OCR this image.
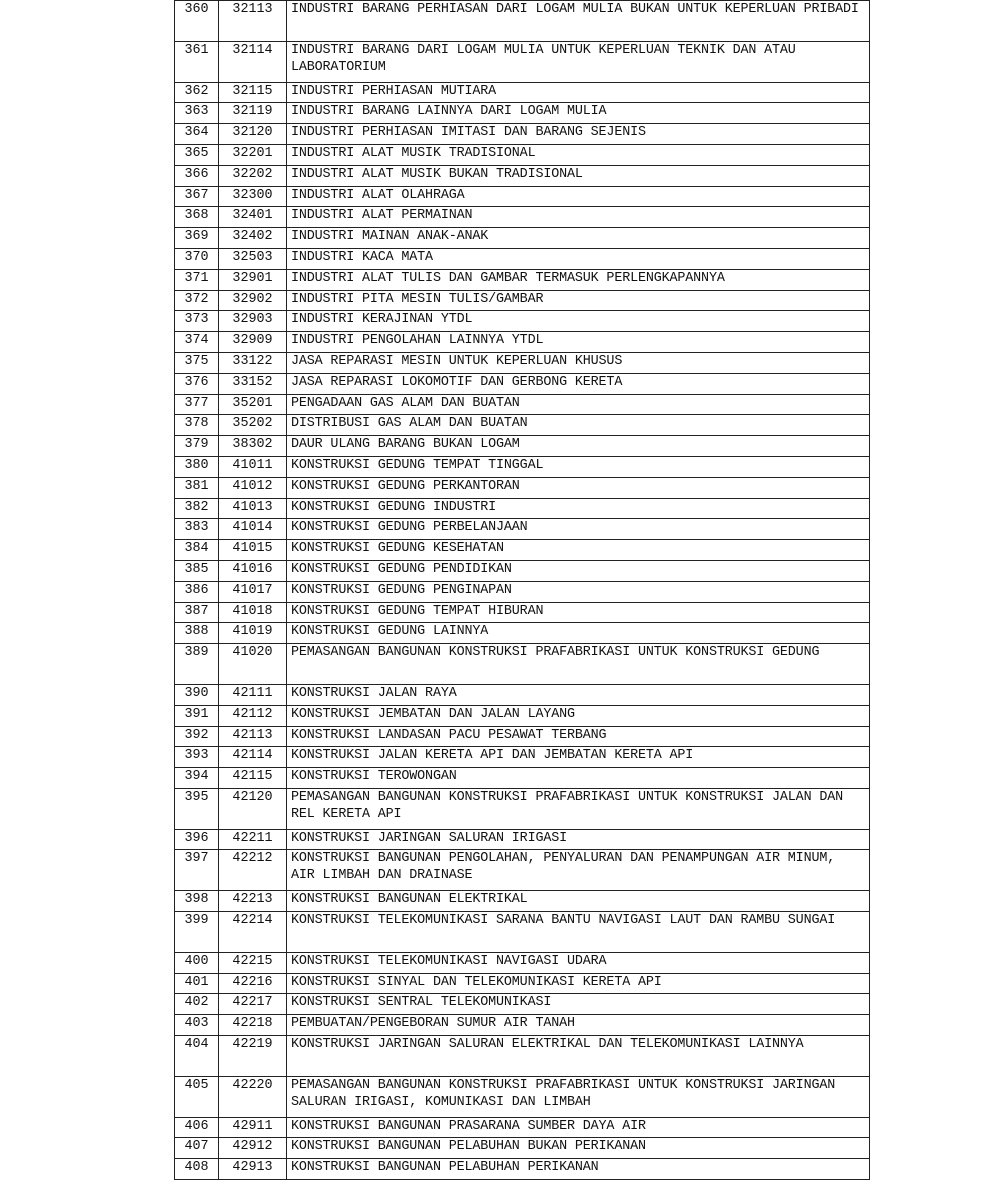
360	32113	INDUSTRI BARANG PERHIASAN DARI LOGAM MULIA BUKAN UNTUK KEPERLUAN PRIBADI
361	32114	INDUSTRI BARANG DARI LOGAM MULIA UNTUK KEPERLUAN TEKNIK DAN ATAU LABORATORIUM
362	32115	INDUSTRI PERHIASAN MUTIARA
363	32119	INDUSTRI BARANG LAINNYA DARI LOGAM MULIA
364	32120	INDUSTRI PERHIASAN IMITASI DAN BARANG SEJENIS
365	32201	INDUSTRI ALAT MUSIK TRADISIONAL
366	32202	INDUSTRI ALAT MUSIK BUKAN TRADISIONAL
367	32300	INDUSTRI ALAT OLAHRAGA
368	32401	INDUSTRI ALAT PERMAINAN
369	32402	INDUSTRI MAINAN ANAK-ANAK
370	32503	INDUSTRI KACA MATA
371	32901	INDUSTRI ALAT TULIS DAN GAMBAR TERMASUK PERLENGKAPANNYA
372	32902	INDUSTRI PITA MESIN TULIS/GAMBAR
373	32903	INDUSTRI KERAJINAN YTDL
374	32909	INDUSTRI PENGOLAHAN LAINNYA YTDL
375	33122	JASA REPARASI MESIN UNTUK KEPERLUAN KHUSUS
376	33152	JASA REPARASI LOKOMOTIF DAN GERBONG KERETA
377	35201	PENGADAAN GAS ALAM DAN BUATAN
378	35202	DISTRIBUSI GAS ALAM DAN BUATAN
379	38302	DAUR ULANG BARANG BUKAN LOGAM
380	41011	KONSTRUKSI GEDUNG TEMPAT TINGGAL
381	41012	KONSTRUKSI GEDUNG PERKANTORAN
382	41013	KONSTRUKSI GEDUNG INDUSTRI
383	41014	KONSTRUKSI GEDUNG PERBELANJAAN
384	41015	KONSTRUKSI GEDUNG KESEHATAN
385	41016	KONSTRUKSI GEDUNG PENDIDIKAN
386	41017	KONSTRUKSI GEDUNG PENGINAPAN
387	41018	KONSTRUKSI GEDUNG TEMPAT HIBURAN
388	41019	KONSTRUKSI GEDUNG LAINNYA
389	41020	PEMASANGAN BANGUNAN KONSTRUKSI PRAFABRIKASI UNTUK KONSTRUKSI GEDUNG
390	42111	KONSTRUKSI JALAN RAYA
391	42112	KONSTRUKSI JEMBATAN DAN JALAN LAYANG
392	42113	KONSTRUKSI LANDASAN PACU PESAWAT TERBANG
393	42114	KONSTRUKSI JALAN KERETA API DAN JEMBATAN KERETA API
394	42115	KONSTRUKSI TEROWONGAN
395	42120	PEMASANGAN BANGUNAN KONSTRUKSI PRAFABRIKASI UNTUK KONSTRUKSI JALAN DAN REL KERETA API
396	42211	KONSTRUKSI JARINGAN SALURAN IRIGASI
397	42212	KONSTRUKSI BANGUNAN PENGOLAHAN, PENYALURAN DAN PENAMPUNGAN AIR MINUM, AIR LIMBAH DAN DRAINASE
398	42213	KONSTRUKSI BANGUNAN ELEKTRIKAL
399	42214	KONSTRUKSI TELEKOMUNIKASI SARANA BANTU NAVIGASI LAUT DAN RAMBU SUNGAI
400	42215	KONSTRUKSI TELEKOMUNIKASI NAVIGASI UDARA
401	42216	KONSTRUKSI SINYAL DAN TELEKOMUNIKASI KERETA API
402	42217	KONSTRUKSI SENTRAL TELEKOMUNIKASI
403	42218	PEMBUATAN/PENGEBORAN SUMUR AIR TANAH
404	42219	KONSTRUKSI JARINGAN SALURAN ELEKTRIKAL DAN TELEKOMUNIKASI LAINNYA
405	42220	PEMASANGAN BANGUNAN KONSTRUKSI PRAFABRIKASI UNTUK KONSTRUKSI JARINGAN SALURAN IRIGASI, KOMUNIKASI DAN LIMBAH
406	42911	KONSTRUKSI BANGUNAN PRASARANA SUMBER DAYA AIR
407	42912	KONSTRUKSI BANGUNAN PELABUHAN BUKAN PERIKANAN
408	42913	KONSTRUKSI BANGUNAN PELABUHAN PERIKANAN
